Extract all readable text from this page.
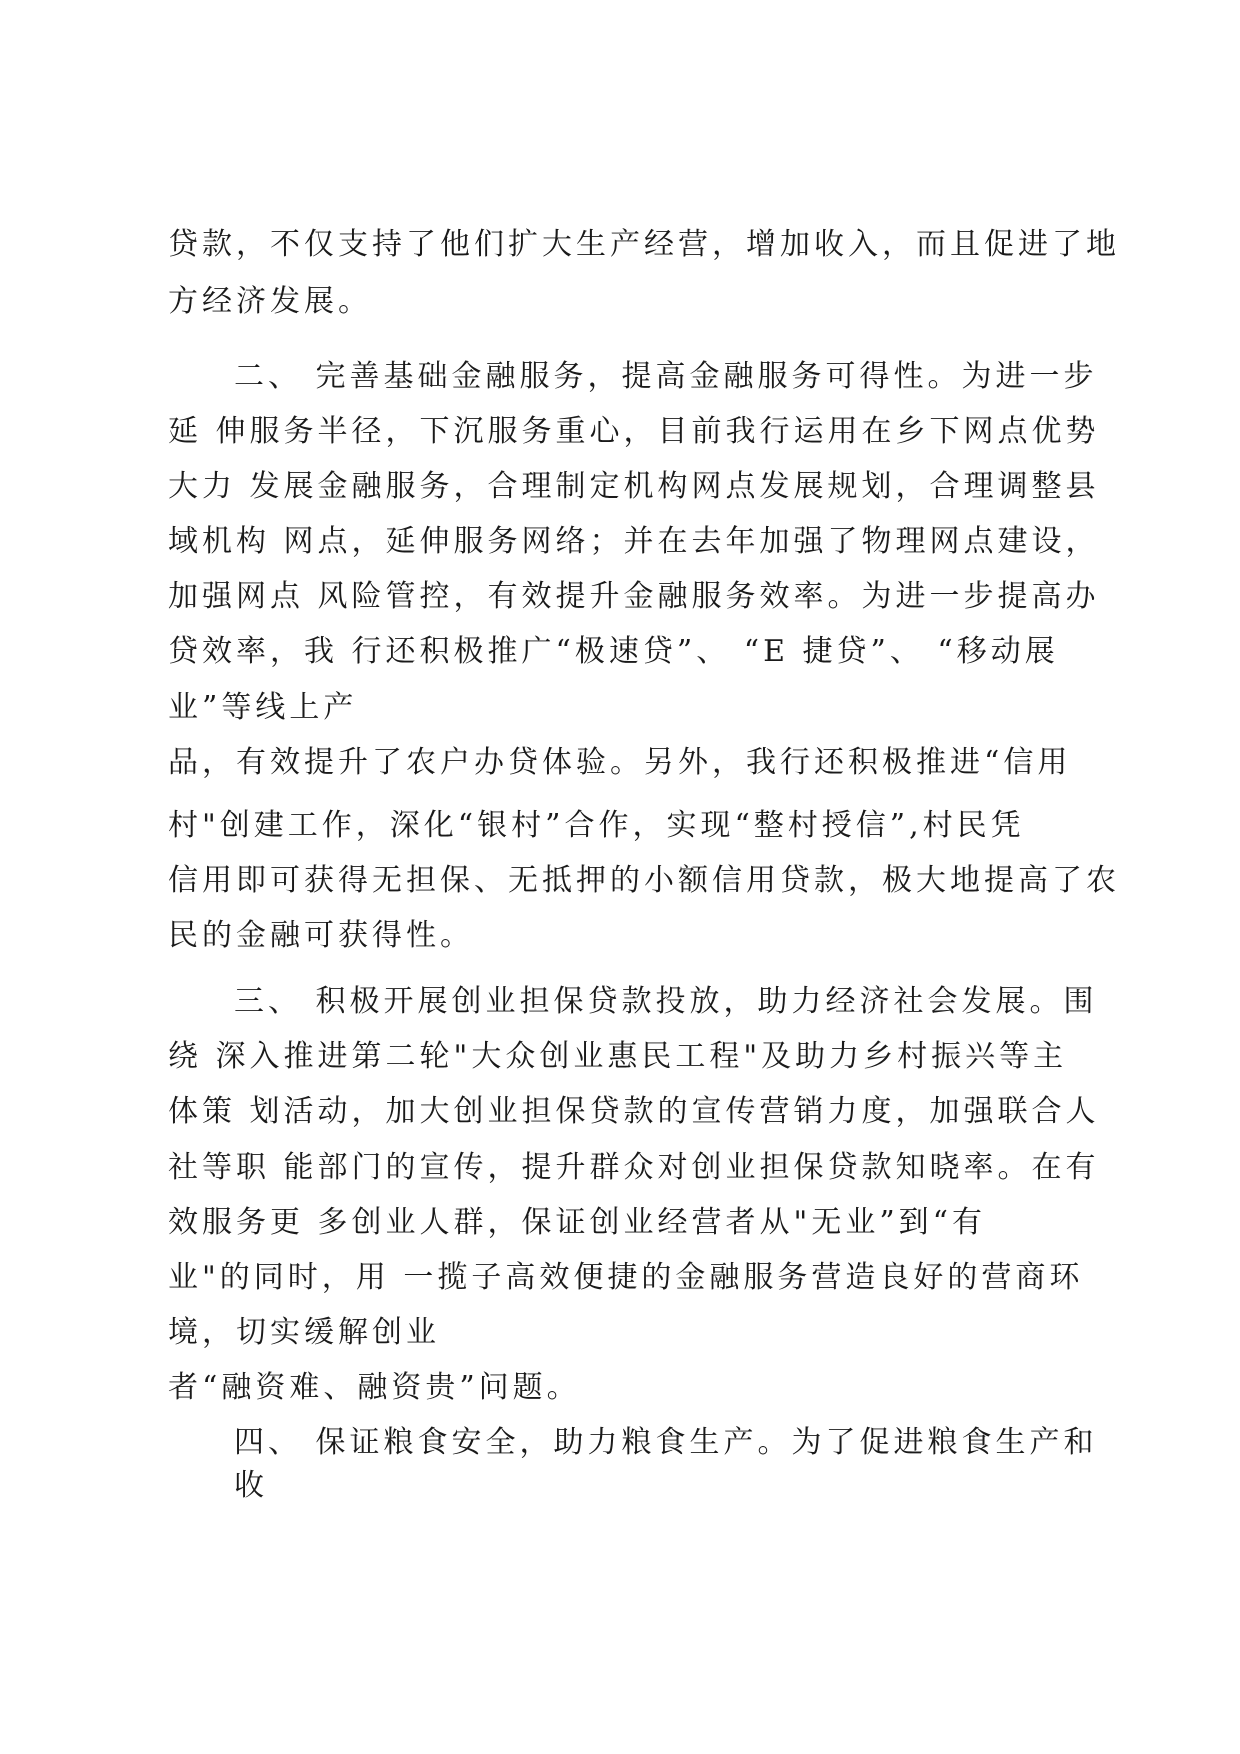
贷款，不仅支持了他们扩大生产经营，增加收入，而且促进了地

方经济发展。

二、 完善基础金融服务，提高金融服务可得性。为进一步

延 伸服务半径，下沉服务重心，目前我行运用在乡下网点优势

大力 发展金融服务，合理制定机构网点发展规划，合理调整县

域机构 网点，延伸服务网络；并在去年加强了物理网点建设，

加强网点 风险管控，有效提升金融服务效率。为进一步提高办

贷效率，我 行还积极推广“极速贷”、 “E 捷贷”、 “移动展

业”等线上产

品，有效提升了农户办贷体验。另外，我行还积极推进“信用

村"创建工作，深化“银村”合作，实现“整村授信”,村民凭

信用即可获得无担保、无抵押的小额信用贷款，极大地提高了农

民的金融可获得性。

三、 积极开展创业担保贷款投放，助力经济社会发展。围

绕 深入推进第二轮"大众创业惠民工程"及助力乡村振兴等主

体策 划活动，加大创业担保贷款的宣传营销力度，加强联合人

社等职 能部门的宣传，提升群众对创业担保贷款知晓率。在有

效服务更 多创业人群，保证创业经营者从"无业”到“有

业"的同时，用 一揽子高效便捷的金融服务营造良好的营商环

境，切实缓解创业

者“融资难、融资贵”问题。

四、 保证粮食安全，助力粮食生产。为了促进粮食生产和

收
